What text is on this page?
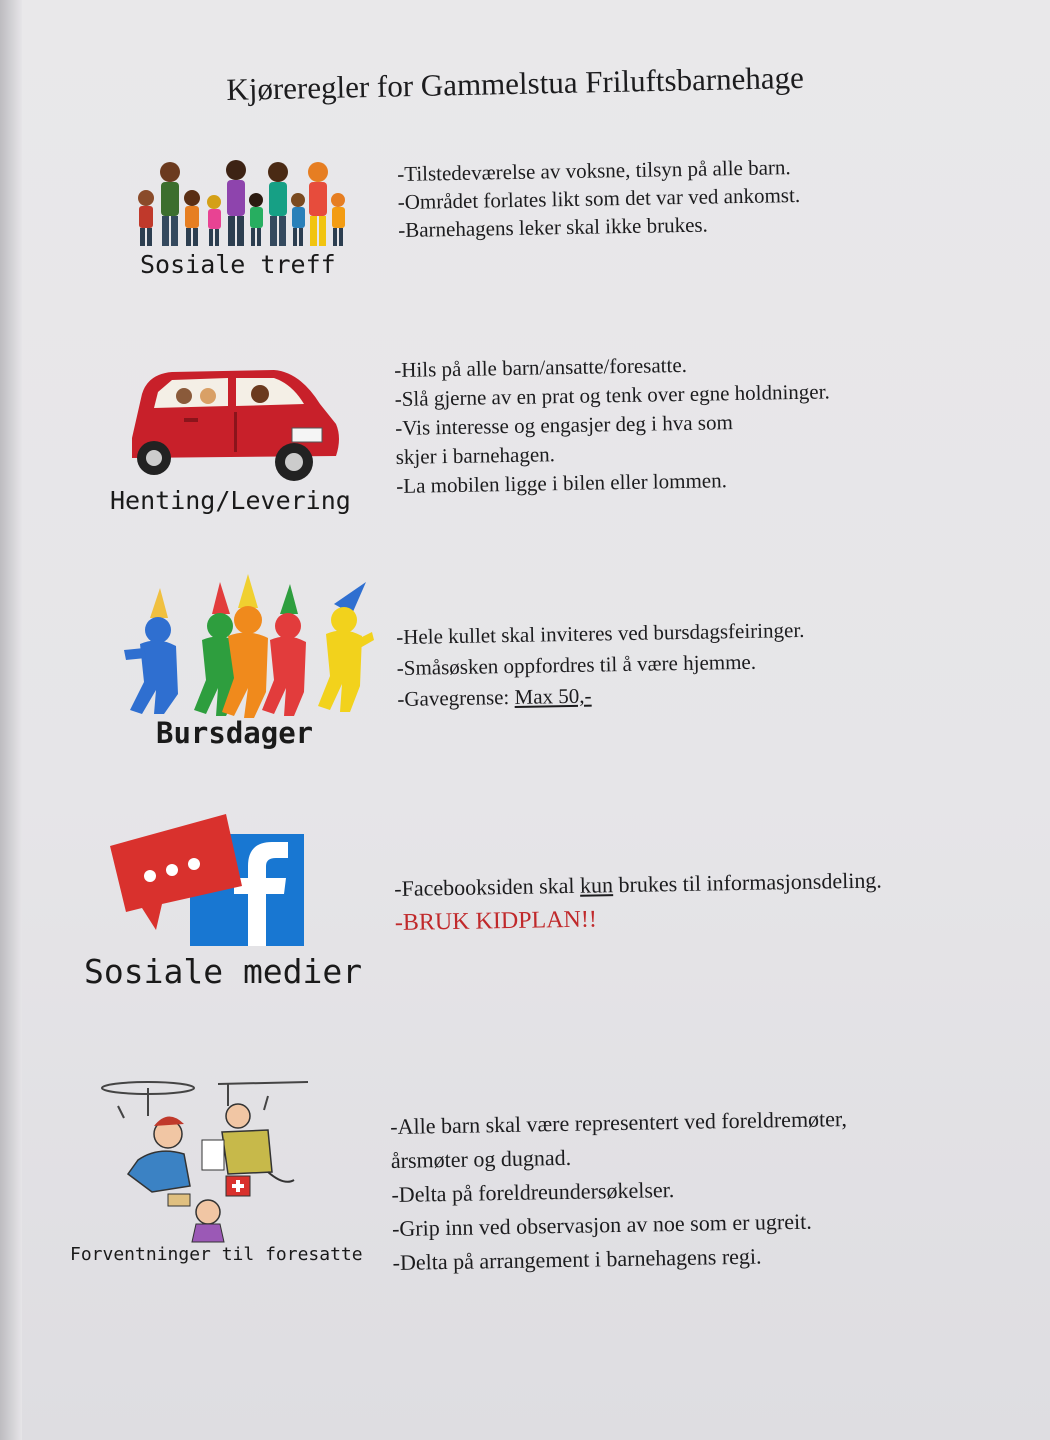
Kjøreregler for Gammelstua Friluftsbarnehage
Sosiale treff
-Tilstedeværelse av voksne, tilsyn på alle barn.
-Området forlates likt som det var ved ankomst.
-Barnehagens leker skal ikke brukes.
Henting/Levering
-Hils på alle barn/ansatte/foresatte.
-Slå gjerne av en prat og tenk over egne holdninger.
-Vis interesse og engasjer deg i hva som
skjer i barnehagen.
-La mobilen ligge i bilen eller lommen.
Bursdager
-Hele kullet skal inviteres ved bursdagsfeiringer.
-Småsøsken oppfordres til å være hjemme.
-Gavegrense: Max 50,-
Sosiale medier
-Facebooksiden skal kun brukes til informasjonsdeling.
-BRUK KIDPLAN!!
Forventninger til foresatte
-Alle barn skal være representert ved foreldremøter,
årsmøter og dugnad.
-Delta på foreldreundersøkelser.
-Grip inn ved observasjon av noe som er ugreit.
-Delta på arrangement i barnehagens regi.
